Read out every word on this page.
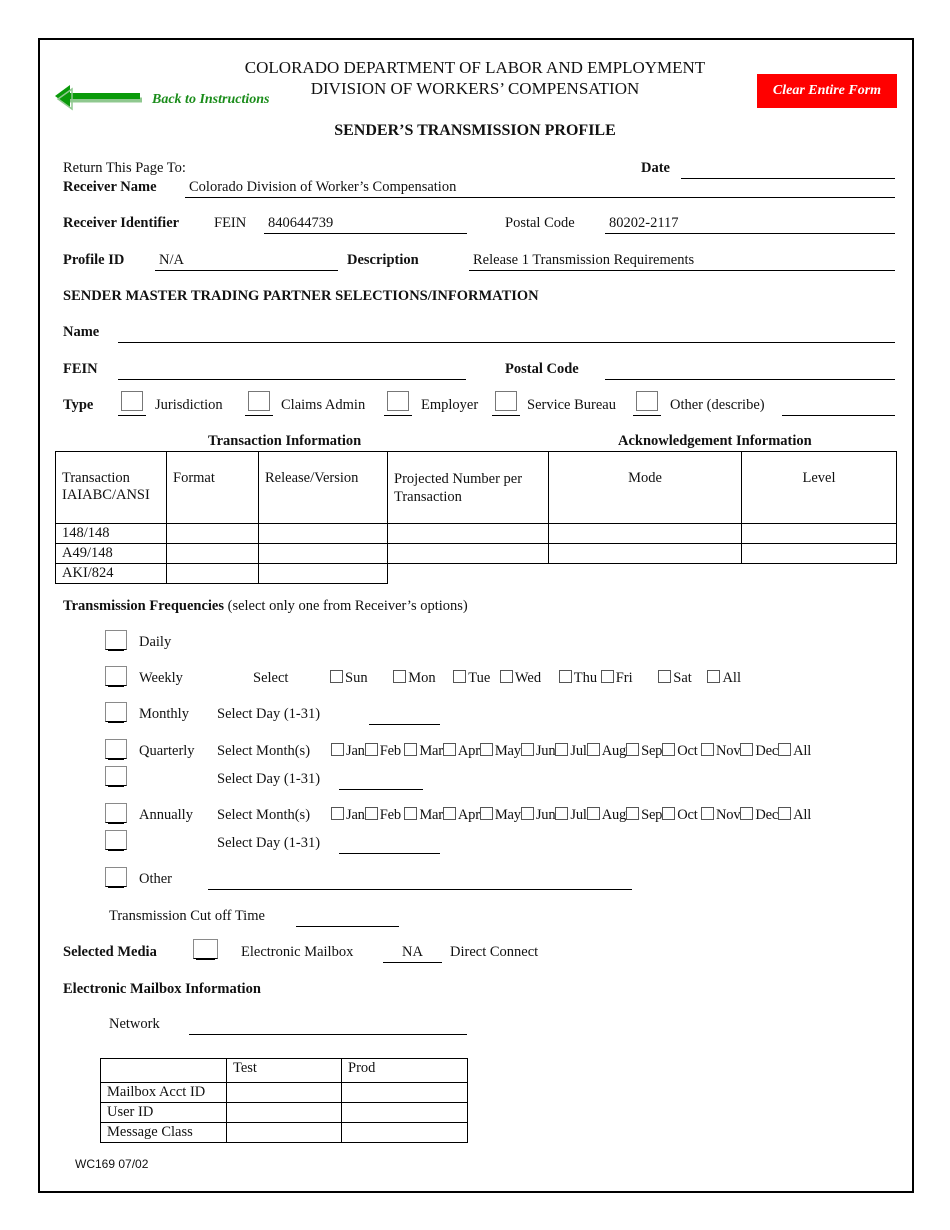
Back to Instructions
Clear Entire Form
COLORADO DEPARTMENT OF LABOR AND EMPLOYMENT
DIVISION OF WORKERS’ COMPENSATION
SENDER’S TRANSMISSION PROFILE
Return This Page To:	Date
Receiver Name Colorado Division of Worker’s Compensation
Receiver Identifier FEIN 840644739	Postal Code 80202-2117
Profile ID N/A	Description	Release 1 Transmission Requirements
SENDER MASTER TRADING PARTNER SELECTIONS/INFORMATION
Name
FEIN	Postal Code
Type	Jurisdiction	Claims Admin	Employer	Service Bureau	Other (describe)
Transaction Information	Acknowledgement Information
Transaction IAIABC/ANSI	Format	Release/Version	Projected Number per Transaction	Mode	Level
148/148					
A49/148					
AKI/824					
Transmission Frequencies (select only one from Receiver’s options)
Daily
Weekly	Select	Sun	Mon Tue Wed Thu Fri	Sat All
Monthly Select Day (1-31)
Quarterly Select Month(s)	Jan Feb Mar Apr May Jun Jul Aug Sep Oct Nov Dec All
Select Day (1-31)
Annually Select Month(s)	Jan Feb Mar Apr May Jun Jul Aug Sep Oct Nov Dec All
Select Day (1-31)
Other
Transmission Cut off Time
Selected Media	Electronic Mailbox	NA	Direct Connect
Electronic Mailbox Information
Network
	Test	Prod
Mailbox Acct ID		
User ID		
Message Class		
WC169 07/02
